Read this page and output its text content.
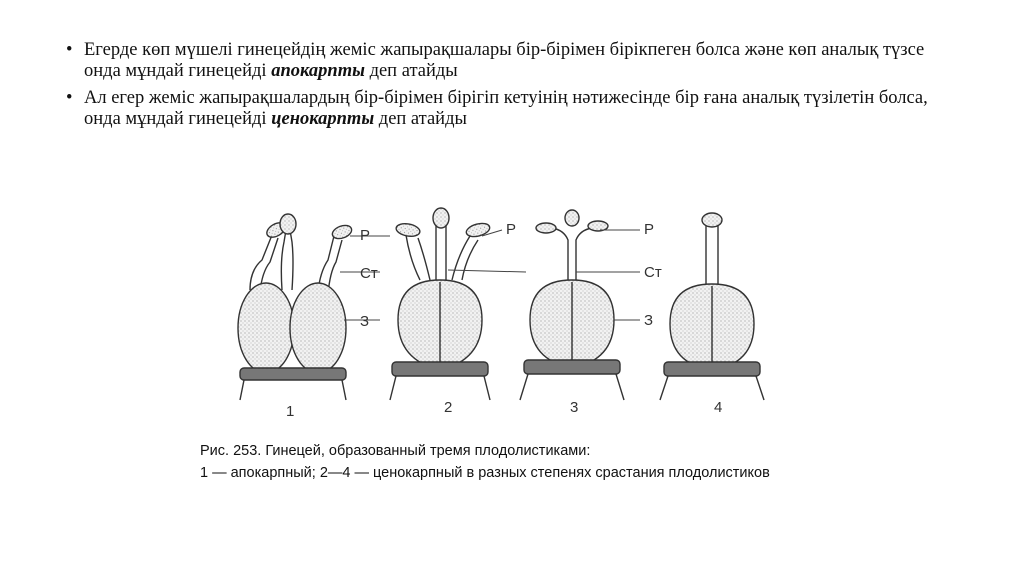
• Егерде көп мүшелі гинецейдің жеміс жапырақшалары бір-бірімен бірікпеген болса және көп аналық түзсе онда мұндай гинецейді апокарпты деп атайды
• Ал егер жеміс жапырақшалардың бір-бірімен бірігіп кетуінің нәтижесінде бір ғана аналық түзілетін болса, онда мұндай гинецейді ценокарпты деп атайды
Р
Ст
З
Р	Р
Ст
З
1	2	3	4
Рис. 253. Гинецей, образованный тремя плодолистиками:
1 — апокарпный; 2—4 — ценокарпный в разных степенях срастания плодолистиков
